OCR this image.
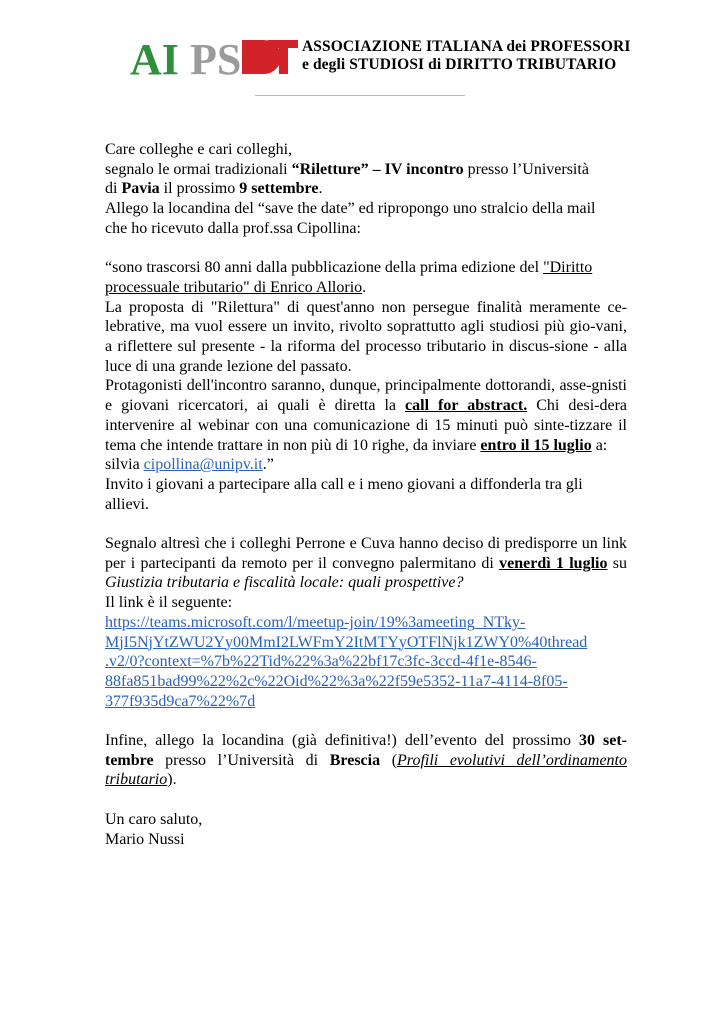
AI PS	ASSOCIAZIONE ITALIANA dei PROFESSORI
e degli STUDIOSI di DIRITTO TRIBUTARIO

Care colleghe e cari colleghi,

segnalo le ormai tradizionali “Riletture” – IV incontro presso l’Università
di Pavia il prossimo 9 settembre.

Allego la locandina del “save the date” ed ripropongo uno stralcio della mail
che ho ricevuto dalla prof.ssa Cipollina:

“sono trascorsi 80 anni dalla pubblicazione della prima edizione del "Diritto
processuale tributario" di Enrico Allorio.

La proposta di "Rilettura" di quest'anno non persegue finalità meramente ce-lebrative, ma vuol essere un invito, rivolto soprattutto agli studiosi più gio-vani, a riflettere sul presente - la riforma del processo tributario in discus-sione - alla luce di una grande lezione del passato.

Protagonisti dell'incontro saranno, dunque, principalmente dottorandi, asse-gnisti e giovani ricercatori, ai quali è diretta la call for abstract. Chi desi-dera intervenire al webinar con una comunicazione di 15 minuti può sinte-tizzare il tema che intende trattare in non più di 10 righe, da inviare entro il 15 luglio a:

silvia cipollina@unipv.it.”

Invito i giovani a partecipare alla call e i meno giovani a diffonderla tra gli allievi.

Segnalo altresì che i colleghi Perrone e Cuva hanno deciso di predisporre un link per i partecipanti da remoto per il convegno palermitano di venerdì 1 luglio su Giustizia tributaria e fiscalità locale: quali prospettive?

Il link è il seguente:

https://teams.microsoft.com/l/meetup-join/19%3ameeting_NTky-
MjI5NjYtZWU2Yy00MmI2LWFmY2ItMTYyOTFlNjk1ZWY0%40thread
.v2/0?context=%7b%22Tid%22%3a%22bf17c3fc-3ccd-4f1e-8546-
88fa851bad99%22%2c%22Oid%22%3a%22f59e5352-11a7-4114-8f05-
377f935d9ca7%22%7d

Infine, allego la locandina (già definitiva!) dell’evento del prossimo 30 set-tembre presso l’Università di Brescia (Profili evolutivi dell’ordinamento tributario).

Un caro saluto,

Mario Nussi
